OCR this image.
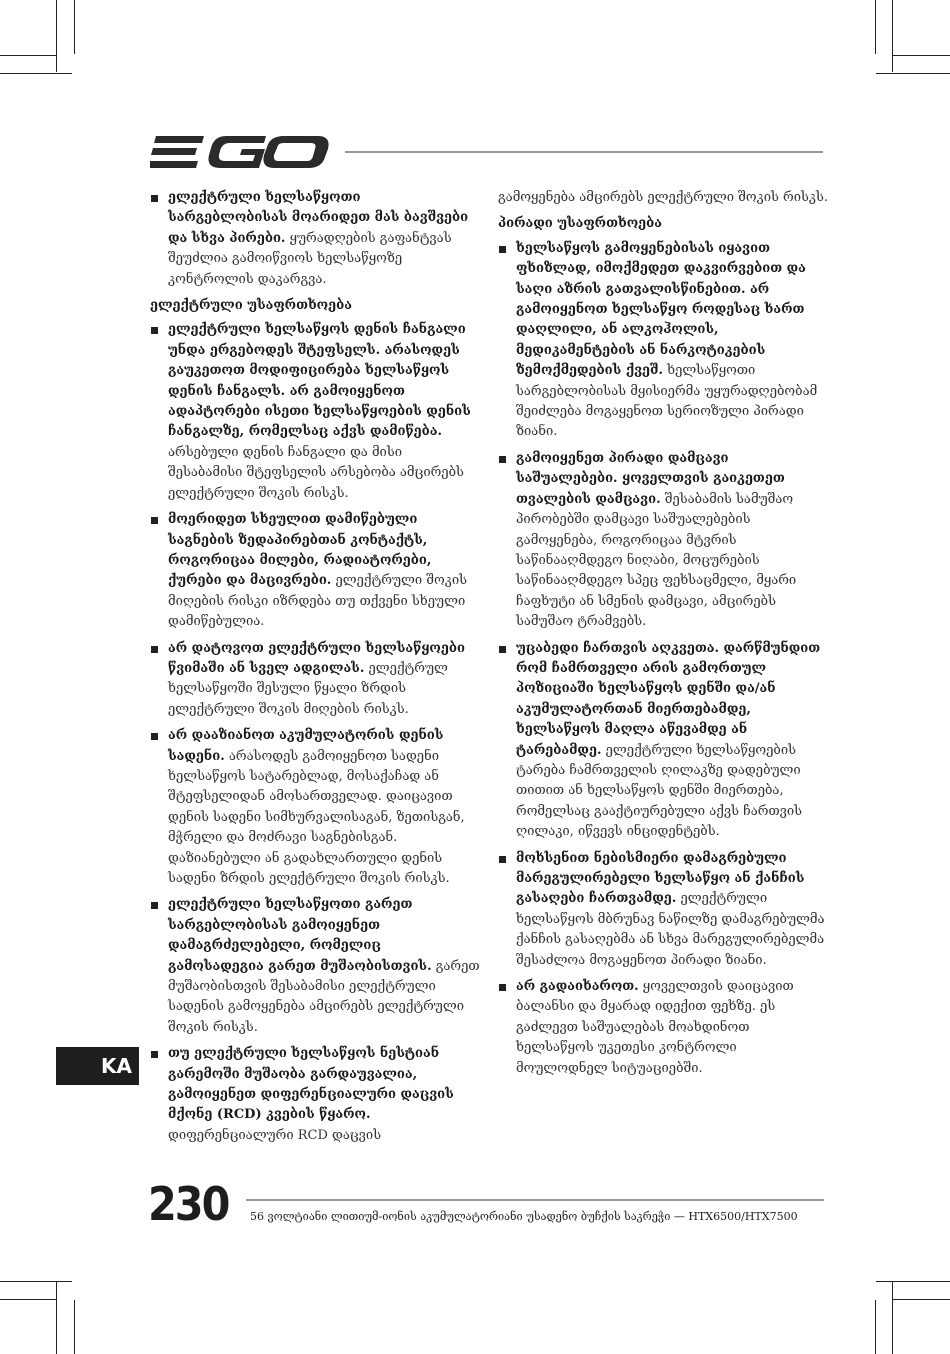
ელექტრული ხელსაწყოთი სარგებლობისას მოარიდეთ მას ბავშვები და სხვა პირები. ყურადღების გაფანტვას შეუძლია გამოიწვიოს ხელსაწყოზე კონტროლის დაკარგვა.
ელექტრული უსაფრთხოება
ელექტრული ხელსაწყოს დენის ჩანგალი უნდა ერგებოდეს შტეფსელს. არასოდეს გაუკეთოთ მოდიფიცირება ხელსაწყოს დენის ჩანგალს. არ გამოიყენოთ ადაპტორები ისეთი ხელსაწყოების დენის ჩანგალზე, რომელსაც აქვს დამიწება. არსებული დენის ჩანგალი და მისი შესაბამისი შტეფსელის არსებობა ამცირებს ელექტრული შოკის რისკს.
მოერიდეთ სხეულით დამიწებული საგნების ზედაპირებთან კონტაქტს, როგორიცაა მილები, რადიატორები, ქურები და მაცივრები. ელექტრული შოკის მიღების რისკი იზრდება თუ თქვენი სხეული დამიწებულია.
არ დატოვოთ ელექტრული ხელსაწყოები წვიმაში ან სველ ადგილას. ელექტრულ ხელსაწყოში შესული წყალი ზრდის ელექტრული შოკის მიღების რისკს.
არ დააზიანოთ აკუმულატორის დენის სადენი. არასოდეს გამოიყენოთ სადენი ხელსაწყოს სატარებლად, მოსაქაჩად ან შტეფსელიდან ამოსართველად. დაიცავით დენის სადენი სიმხურვალისაგან, ზეთისგან, მჭრელი და მოძრავი საგნებისგან. დაზიანებული ან გადახლართული დენის სადენი ზრდის ელექტრული შოკის რისკს.
ელექტრული ხელსაწყოთი გარეთ სარგებლობისას გამოიყენეთ დამაგრძელებელი, რომელიც გამოსადეგია გარეთ მუშაობისთვის. გარეთ მუშაობისთვის შესაბამისი ელექტრული სადენის გამოყენება ამცირებს ელექტრული შოკის რისკს.
თუ ელექტრული ხელსაწყოს ნესტიან გარემოში მუშაობა გარდაუვალია, გამოიყენეთ დიფერენციალური დაცვის მქონე (RCD) კვების წყარო. დიფერენციალური RCD დაცვის
გამოყენება ამცირებს ელექტრული შოკის რისკს.
პირადი უსაფრთხოება
ხელსაწყოს გამოყენებისას იყავით ფხიზლად, იმოქმედეთ დაკვირვებით და საღი აზრის გათვალისწინებით. არ გამოიყენოთ ხელსაწყო როდესაც ხართ დაღლილი, ან ალკოჰოლის, მედიკამენტების ან ნარკოტიკების ზემოქმედების ქვეშ. ხელსაწყოთი სარგებლობისას მყისიერმა უყურადღებობამ შეიძლება მოგაყენოთ სერიოზული პირადი ზიანი.
გამოიყენეთ პირადი დამცავი საშუალებები. ყოველთვის გაიკეთეთ თვალების დამცავი. შესაბამის სამუშაო პირობებში დამცავი საშუალებების გამოყენება, როგორიცაა მტვრის საწინააღმდეგო ნიღაბი, მოცურების საწინააღმდეგო სპეც ფეხსაცმელი, მყარი ჩაფხუტი ან სმენის დამცავი, ამცირებს სამუშაო ტრამვებს.
უცაბედი ჩართვის აღკვეთა. დარწმუნდით რომ ჩამრთველი არის გამორთულ პოზიციაში ხელსაწყოს დენში და/ან აკუმულატორთან მიერთებამდე, ხელსაწყოს მაღლა აწევამდე ან ტარებამდე. ელექტრული ხელსაწყოების ტარება ჩამრთველის ღილაკზე დადებული თითით ან ხელსაწყოს დენში მიერთება, რომელსაც გააქტიურებული აქვს ჩართვის ღილაკი, იწვევს ინციდენტებს.
მოხსენით ნებისმიერი დამაგრებული მარეგულირებელი ხელსაწყო ან ქანჩის გასაღები ჩართვამდე. ელექტრული ხელსაწყოს მბრუნავ ნაწილზე დამაგრებულმა ქანჩის გასაღებმა ან სხვა მარეგულირებელმა შესაძლოა მოგაყენოთ პირადი ზიანი.
არ გადაიხაროთ. ყოველთვის დაიცავით ბალანსი და მყარად იდექით ფეხზე. ეს გაძლევთ საშუალებას მოახდინოთ ხელსაწყოს უკეთესი კონტროლი მოულოდნელ სიტუაციებში.
KA
230 56 ვოლტიანი ლითიუმ-იონის აკუმულატორიანი უსადენო ბუჩქის საკრეჭი — HTX6500/HTX7500
